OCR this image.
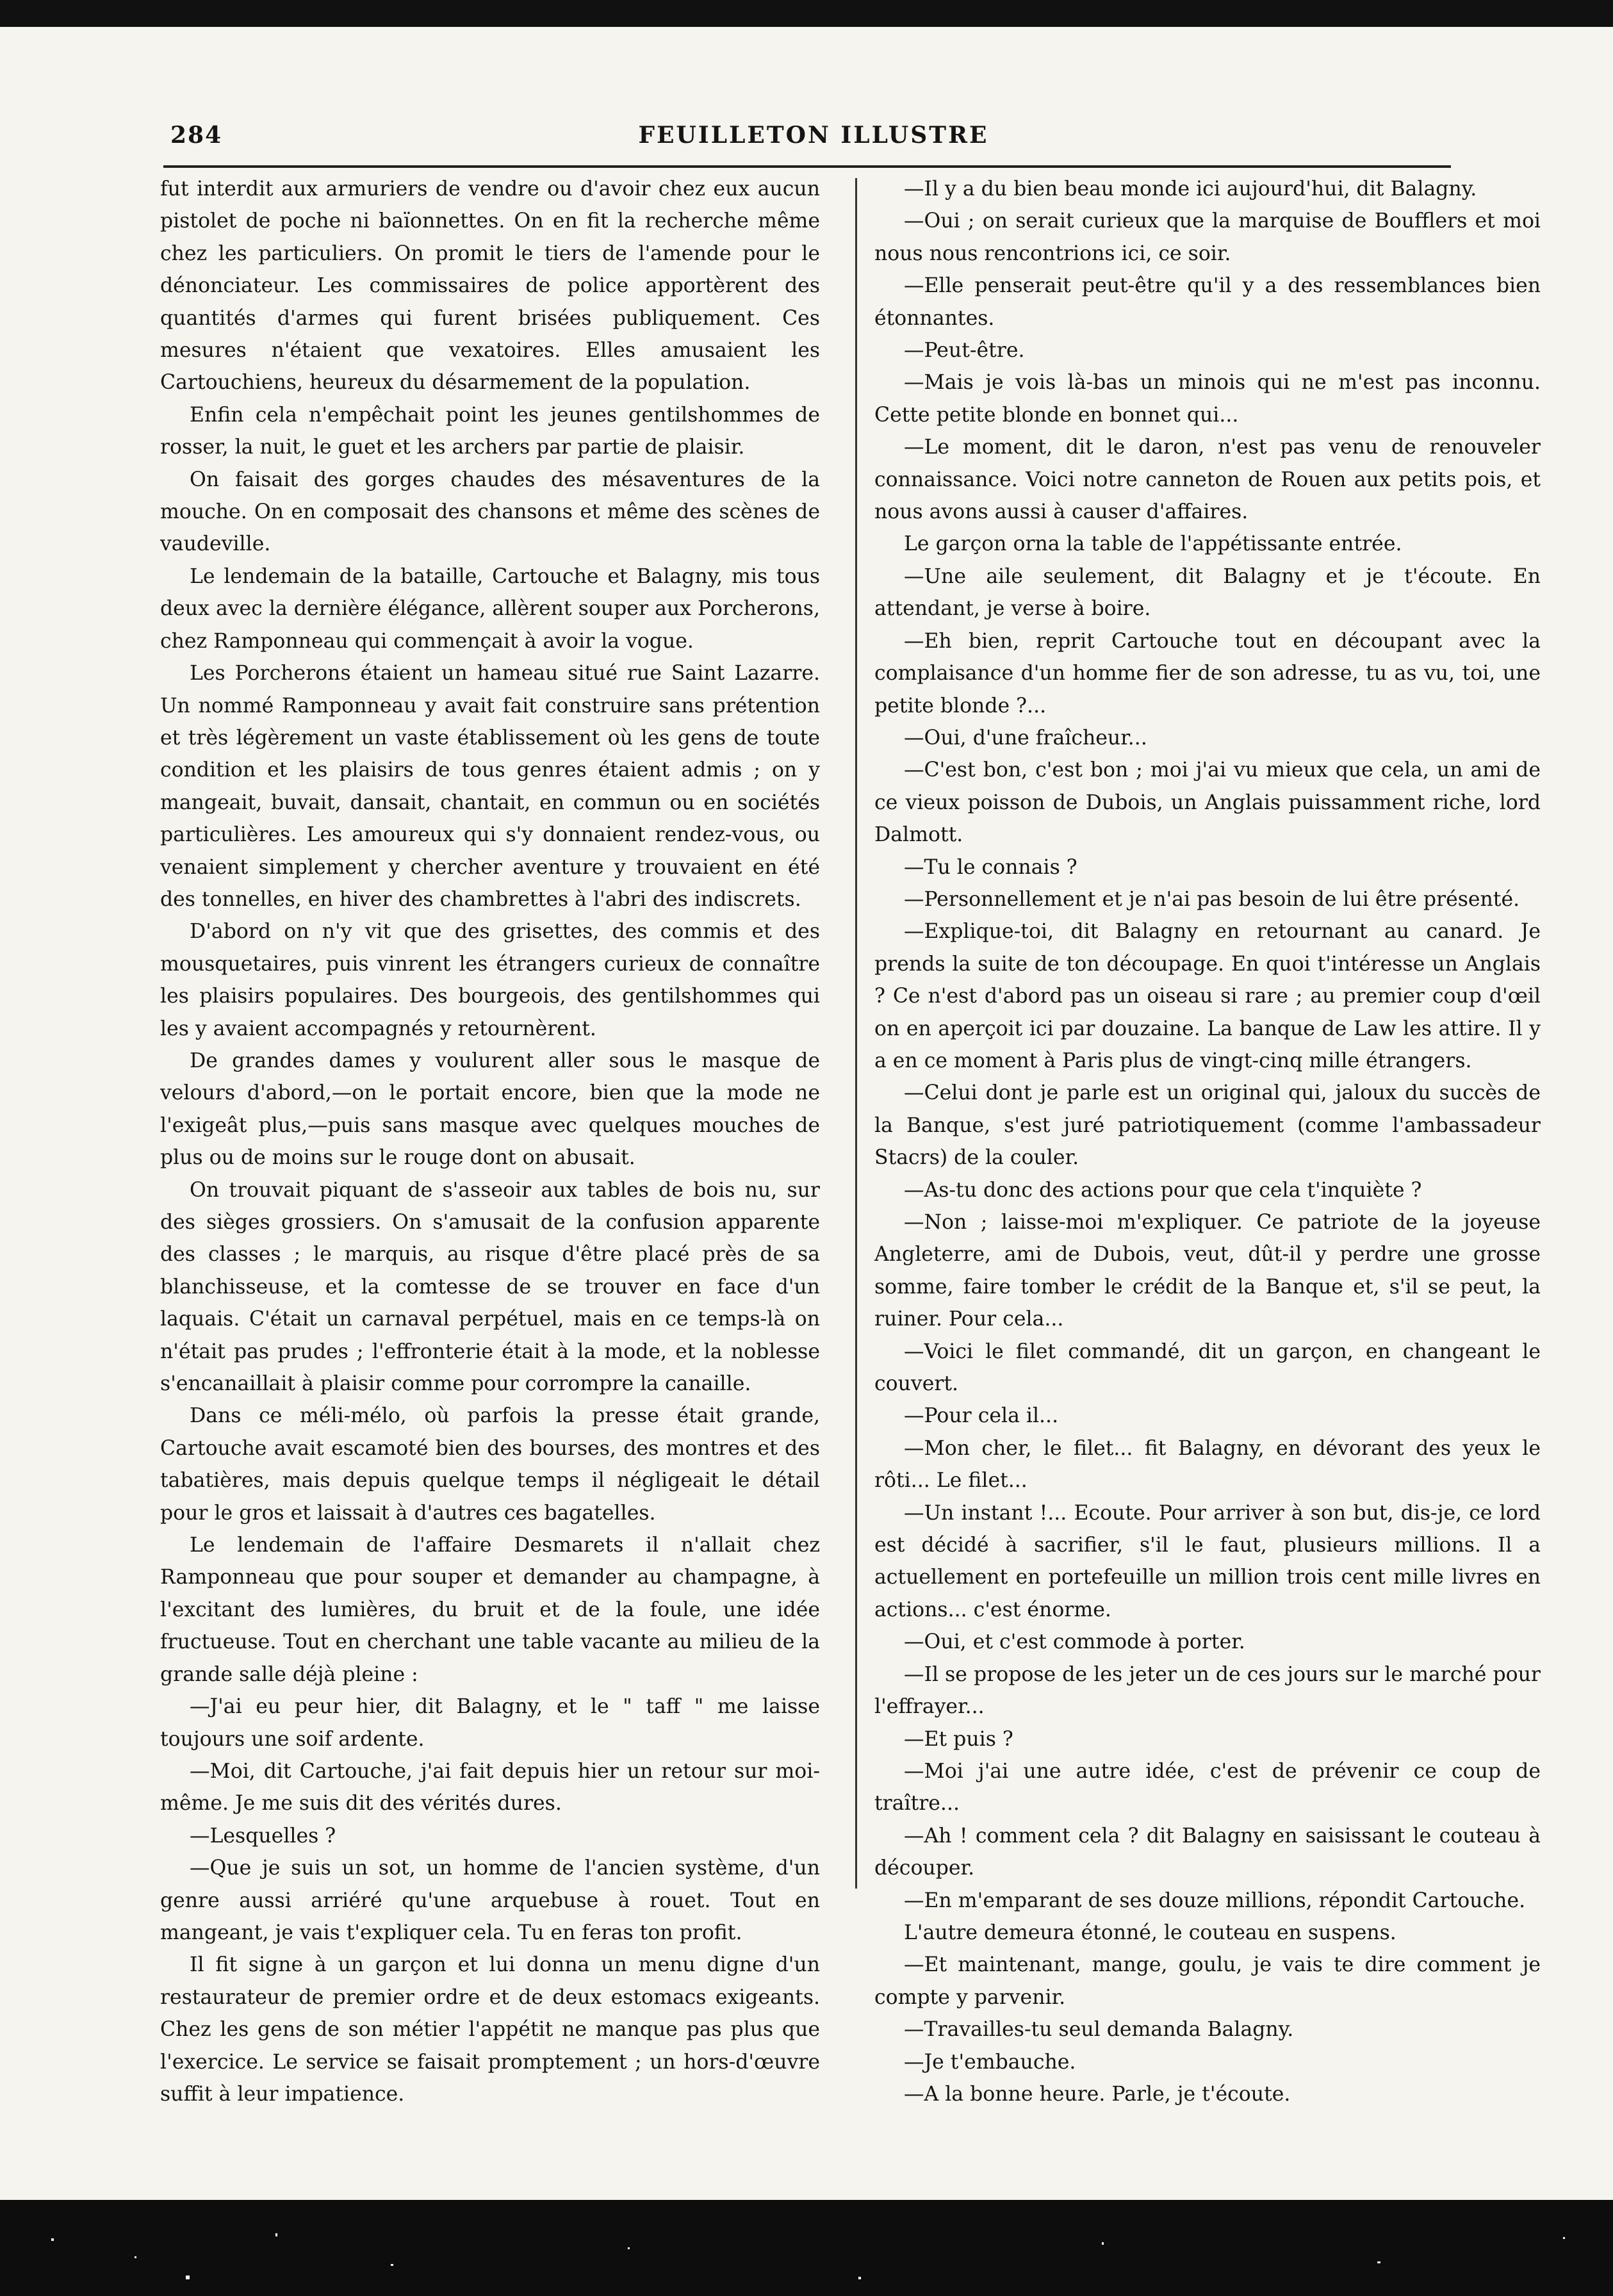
284	FEUILLETON ILLUSTRE

fut interdit aux armuriers de vendre ou d'avoir chez eux aucun pistolet de poche ni baïonnettes. On en fit la recherche même chez les particuliers. On promit le tiers de l'amende pour le dénonciateur. Les commissaires de police apportèrent des quantités d'armes qui furent brisées publiquement. Ces mesures n'étaient que vexatoires. Elles amusaient les Cartouchiens, heureux du désarmement de la population.

Enfin cela n'empêchait point les jeunes gentilshommes de rosser, la nuit, le guet et les archers par partie de plaisir.

On faisait des gorges chaudes des mésaventures de la mouche. On en composait des chansons et même des scènes de vaudeville.

Le lendemain de la bataille, Cartouche et Balagny, mis tous deux avec la dernière élégance, allèrent souper aux Porcherons, chez Ramponneau qui commençait à avoir la vogue.

Les Porcherons étaient un hameau situé rue Saint Lazarre. Un nommé Ramponneau y avait fait construire sans prétention et très légèrement un vaste établissement où les gens de toute condition et les plaisirs de tous genres étaient admis ; on y mangeait, buvait, dansait, chantait, en commun ou en sociétés particulières. Les amoureux qui s'y donnaient rendez-vous, ou venaient simplement y chercher aventure y trouvaient en été des tonnelles, en hiver des chambrettes à l'abri des indiscrets.

D'abord on n'y vit que des grisettes, des commis et des mousquetaires, puis vinrent les étrangers curieux de connaître les plaisirs populaires. Des bourgeois, des gentilshommes qui les y avaient accompagnés y retournèrent.

De grandes dames y voulurent aller sous le masque de velours d'abord,—on le portait encore, bien que la mode ne l'exigeât plus,—puis sans masque avec quelques mouches de plus ou de moins sur le rouge dont on abusait.

On trouvait piquant de s'asseoir aux tables de bois nu, sur des sièges grossiers. On s'amusait de la confusion apparente des classes ; le marquis, au risque d'être placé près de sa blanchisseuse, et la comtesse de se trouver en face d'un laquais. C'était un carnaval perpétuel, mais en ce temps-là on n'était pas prudes ; l'effronterie était à la mode, et la noblesse s'encanaillait à plaisir comme pour corrompre la canaille.

Dans ce méli-mélo, où parfois la presse était grande, Cartouche avait escamoté bien des bourses, des montres et des tabatières, mais depuis quelque temps il négligeait le détail pour le gros et laissait à d'autres ces bagatelles.

Le lendemain de l'affaire Desmarets il n'allait chez Ramponneau que pour souper et demander au champagne, à l'excitant des lumières, du bruit et de la foule, une idée fructueuse. Tout en cherchant une table vacante au milieu de la grande salle déjà pleine :

—J'ai eu peur hier, dit Balagny, et le " taff " me laisse toujours une soif ardente.

—Moi, dit Cartouche, j'ai fait depuis hier un retour sur moi-même. Je me suis dit des vérités dures.

—Lesquelles ?

—Que je suis un sot, un homme de l'ancien système, d'un genre aussi arriéré qu'une arquebuse à rouet. Tout en mangeant, je vais t'expliquer cela. Tu en feras ton profit.

Il fit signe à un garçon et lui donna un menu digne d'un restaurateur de premier ordre et de deux estomacs exigeants. Chez les gens de son métier l'appétit ne manque pas plus que l'exercice. Le service se faisait promptement ; un hors-d'œuvre suffit à leur impatience.

—Il y a du bien beau monde ici aujourd'hui, dit Balagny.

—Oui ; on serait curieux que la marquise de Boufflers et moi nous nous rencontrions ici, ce soir.

—Elle penserait peut-être qu'il y a des ressemblances bien étonnantes.

—Peut-être.

—Mais je vois là-bas un minois qui ne m'est pas inconnu. Cette petite blonde en bonnet qui...

—Le moment, dit le daron, n'est pas venu de renouveler connaissance. Voici notre canneton de Rouen aux petits pois, et nous avons aussi à causer d'affaires.

Le garçon orna la table de l'appétissante entrée.

—Une aile seulement, dit Balagny et je t'écoute. En attendant, je verse à boire.

—Eh bien, reprit Cartouche tout en découpant avec la complaisance d'un homme fier de son adresse, tu as vu, toi, une petite blonde ?...

—Oui, d'une fraîcheur...

—C'est bon, c'est bon ; moi j'ai vu mieux que cela, un ami de ce vieux poisson de Dubois, un Anglais puissamment riche, lord Dalmott.

—Tu le connais ?

—Personnellement et je n'ai pas besoin de lui être présenté.

—Explique-toi, dit Balagny en retournant au canard. Je prends la suite de ton découpage. En quoi t'intéresse un Anglais ? Ce n'est d'abord pas un oiseau si rare ; au premier coup d'œil on en aperçoit ici par douzaine. La banque de Law les attire. Il y a en ce moment à Paris plus de vingt-cinq mille étrangers.

—Celui dont je parle est un original qui, jaloux du succès de la Banque, s'est juré patriotiquement (comme l'ambassadeur Stacrs) de la couler.

—As-tu donc des actions pour que cela t'inquiète ?

—Non ; laisse-moi m'expliquer. Ce patriote de la joyeuse Angleterre, ami de Dubois, veut, dût-il y perdre une grosse somme, faire tomber le crédit de la Banque et, s'il se peut, la ruiner. Pour cela...

—Voici le filet commandé, dit un garçon, en changeant le couvert.

—Pour cela il...

—Mon cher, le filet... fit Balagny, en dévorant des yeux le rôti... Le filet...

—Un instant !... Ecoute. Pour arriver à son but, dis-je, ce lord est décidé à sacrifier, s'il le faut, plusieurs millions. Il a actuellement en portefeuille un million trois cent mille livres en actions... c'est énorme.

—Oui, et c'est commode à porter.

—Il se propose de les jeter un de ces jours sur le marché pour l'effrayer...

—Et puis ?

—Moi j'ai une autre idée, c'est de prévenir ce coup de traître...

—Ah ! comment cela ? dit Balagny en saisissant le couteau à découper.

—En m'emparant de ses douze millions, répondit Cartouche.

L'autre demeura étonné, le couteau en suspens.

—Et maintenant, mange, goulu, je vais te dire comment je compte y parvenir.

—Travailles-tu seul demanda Balagny.

—Je t'embauche.

—A la bonne heure. Parle, je t'écoute.
